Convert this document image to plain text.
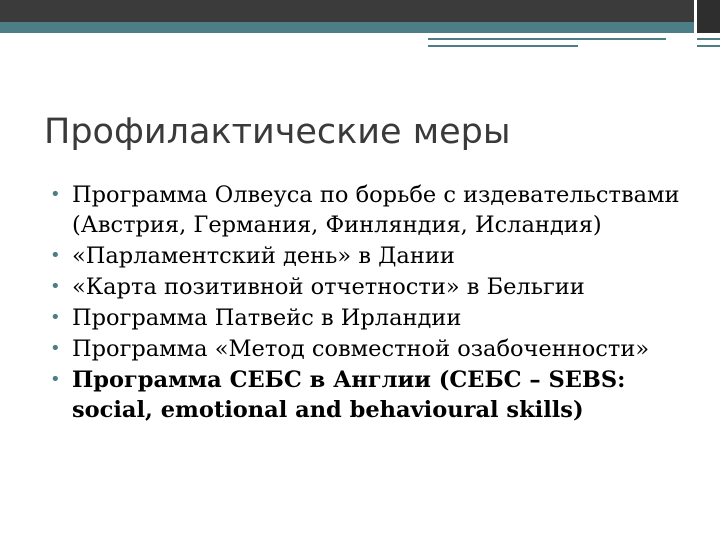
Профилактические меры
• Программа Олвеуса по борьбе с издевательствами (Австрия, Германия, Финляндия, Исландия)
• «Парламентский день» в Дании
• «Карта позитивной отчетности» в Бельгии
• Программа Патвейс в Ирландии
• Программа «Метод совместной озабоченности»
• Программа СЕБС в Англии (СЕБС – SEBS: social, emotional and behavioural skills)
